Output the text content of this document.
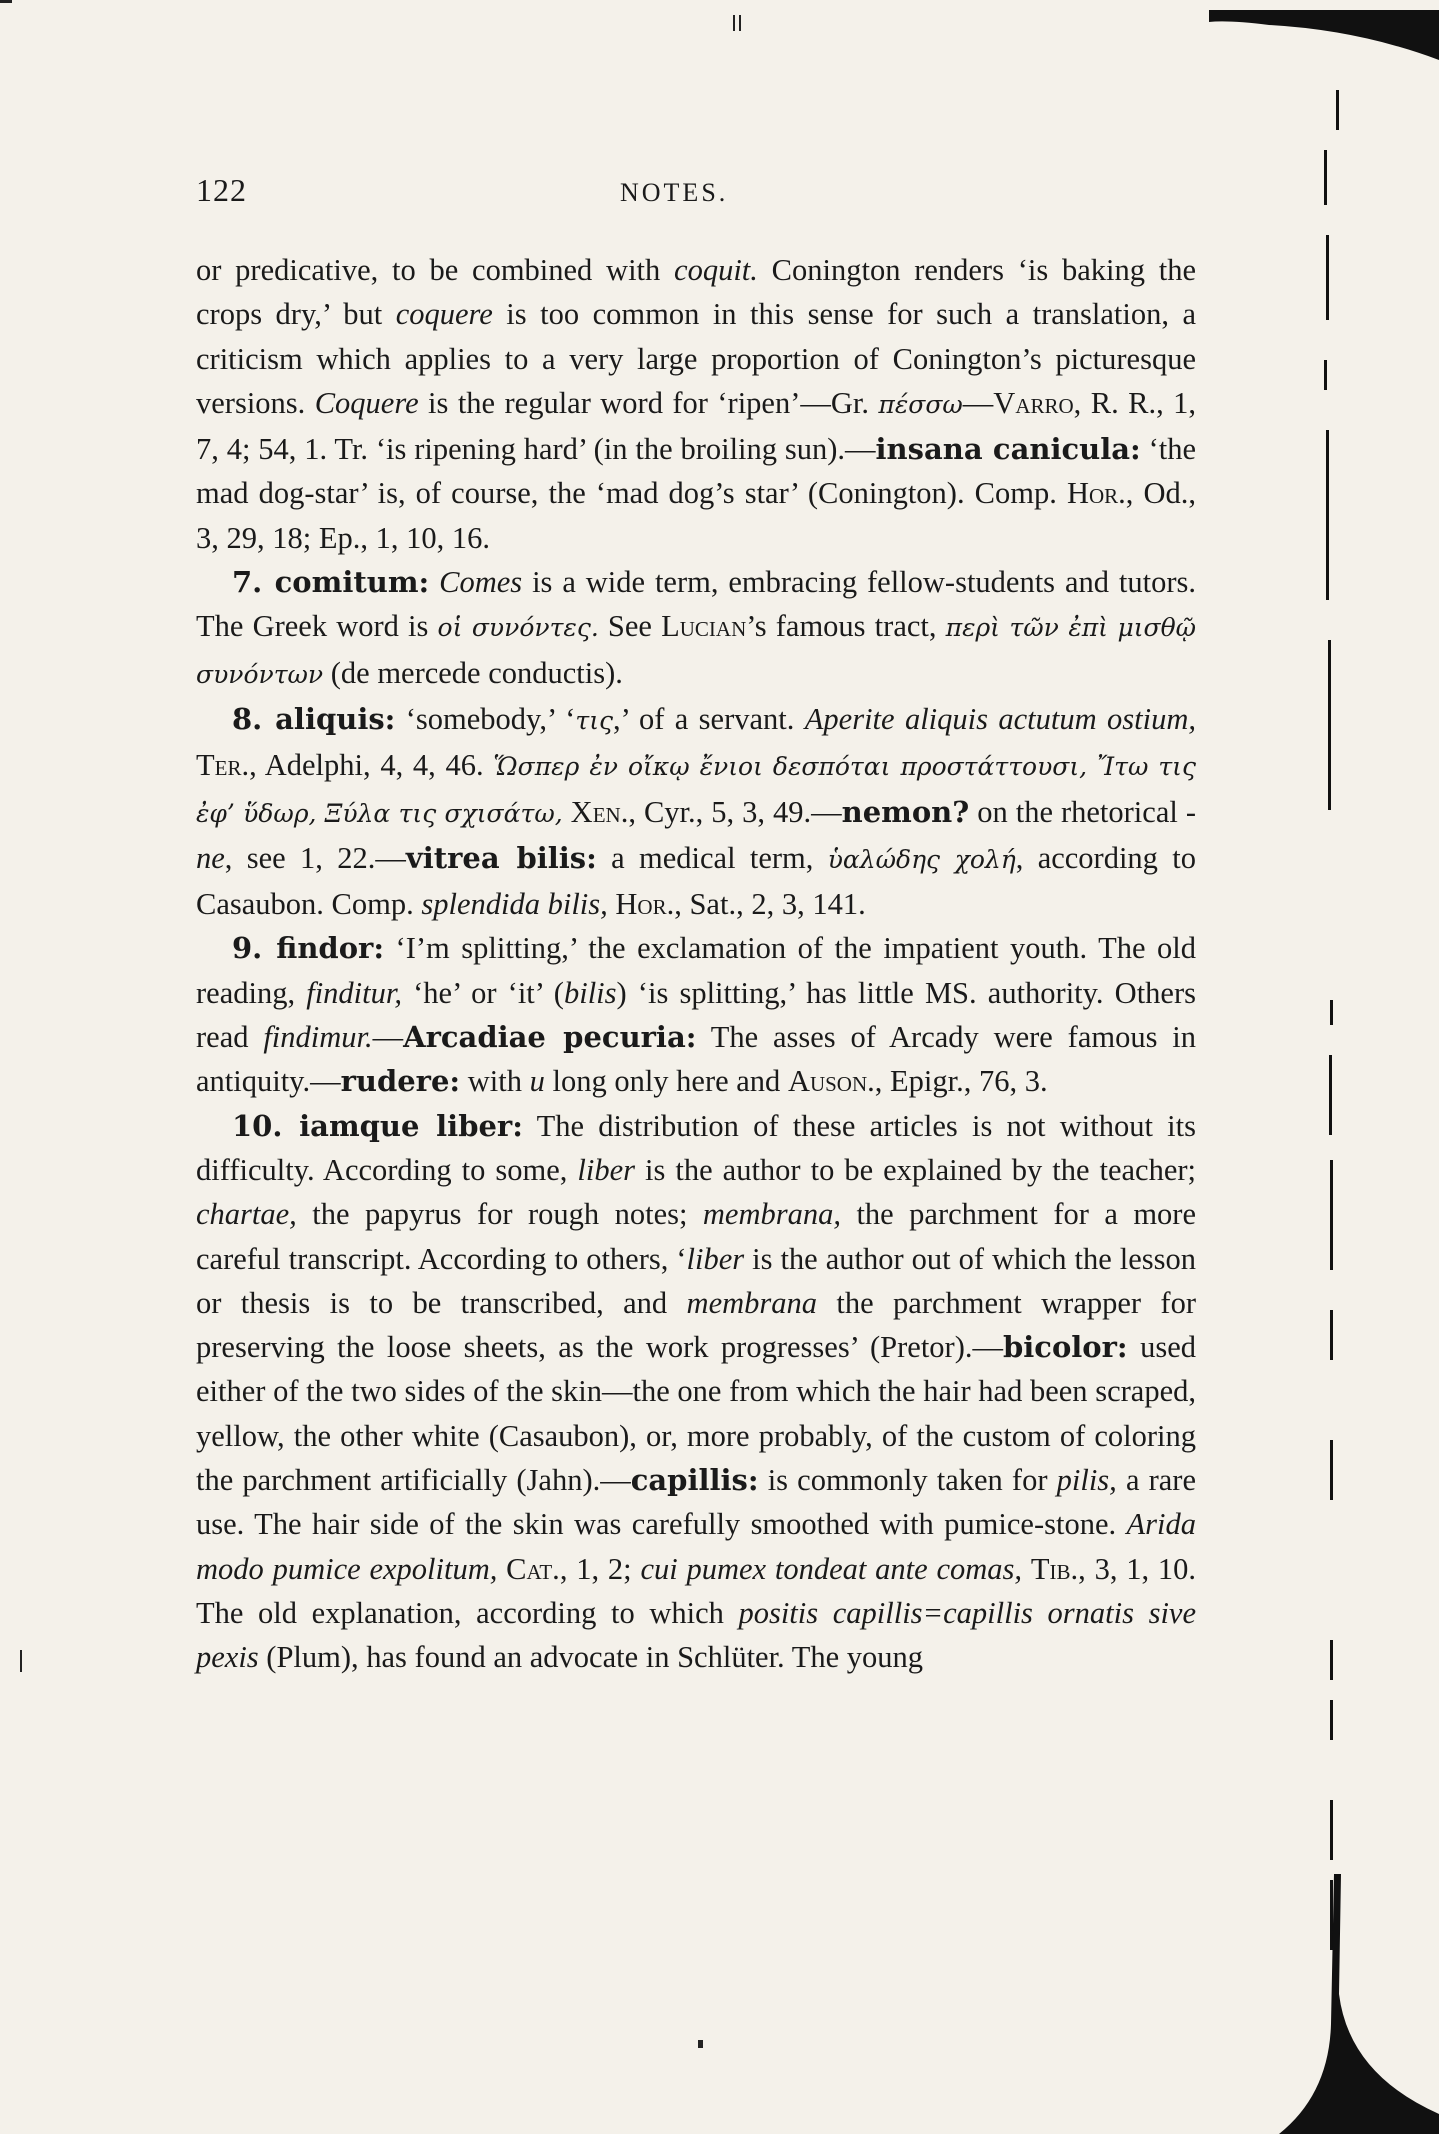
122	NOTES.

or predicative, to be combined with coquit. Conington renders ‘is baking the crops dry,’ but coquere is too common in this sense for such a translation, a criticism which applies to a very large proportion of Conington’s picturesque versions. Coquere is the regular word for ‘ripen’—Gr. πέσσω—Varro, R. R., 1, 7, 4; 54, 1. Tr. ‘is ripening hard’ (in the broiling sun).—insana canicula: ‘the mad dog-star’ is, of course, the ‘mad dog’s star’ (Conington). Comp. Hor., Od., 3, 29, 18; Ep., 1, 10, 16.

7. comitum: Comes is a wide term, embracing fellow-students and tutors. The Greek word is οἱ συνόντες. See Lucian’s famous tract, περὶ τῶν ἐπὶ μισθῷ συνόντων (de mercede conductis).

8. aliquis: ‘somebody,’ ‘τις,’ of a servant. Aperite aliquis actutum ostium, Ter., Adelphi, 4, 4, 46. Ὥσπερ ἐν οἴκῳ ἔνιοι δεσπόται προστάττουσι, Ἴτω τις ἐφ’ ὕδωρ, Ξύλα τις σχισάτω, Xen., Cyr., 5, 3, 49.—nemon? on the rhetorical -ne, see 1, 22.—vitrea bilis: a medical term, ὑαλώδης χολή, according to Casaubon. Comp. splendida bilis, Hor., Sat., 2, 3, 141.

9. findor: ‘I’m splitting,’ the exclamation of the impatient youth. The old reading, finditur, ‘he’ or ‘it’ (bilis) ‘is splitting,’ has little MS. authority. Others read findimur.—Arcadiae pecuria: The asses of Arcady were famous in antiquity.—rudere: with u long only here and Auson., Epigr., 76, 3.

10. iamque liber: The distribution of these articles is not without its difficulty. According to some, liber is the author to be explained by the teacher; chartae, the papyrus for rough notes; membrana, the parchment for a more careful transcript. According to others, ‘liber is the author out of which the lesson or thesis is to be transcribed, and membrana the parchment wrapper for preserving the loose sheets, as the work progresses’ (Pretor).—bicolor: used either of the two sides of the skin—the one from which the hair had been scraped, yellow, the other white (Casaubon), or, more probably, of the custom of coloring the parchment artificially (Jahn).—capillis: is commonly taken for pilis, a rare use. The hair side of the skin was carefully smoothed with pumice-stone. Arida modo pumice expolitum, Cat., 1, 2; cui pumex tondeat ante comas, Tib., 3, 1, 10. The old explanation, according to which positis capillis=capillis ornatis sive pexis (Plum), has found an advocate in Schlüter. The young
